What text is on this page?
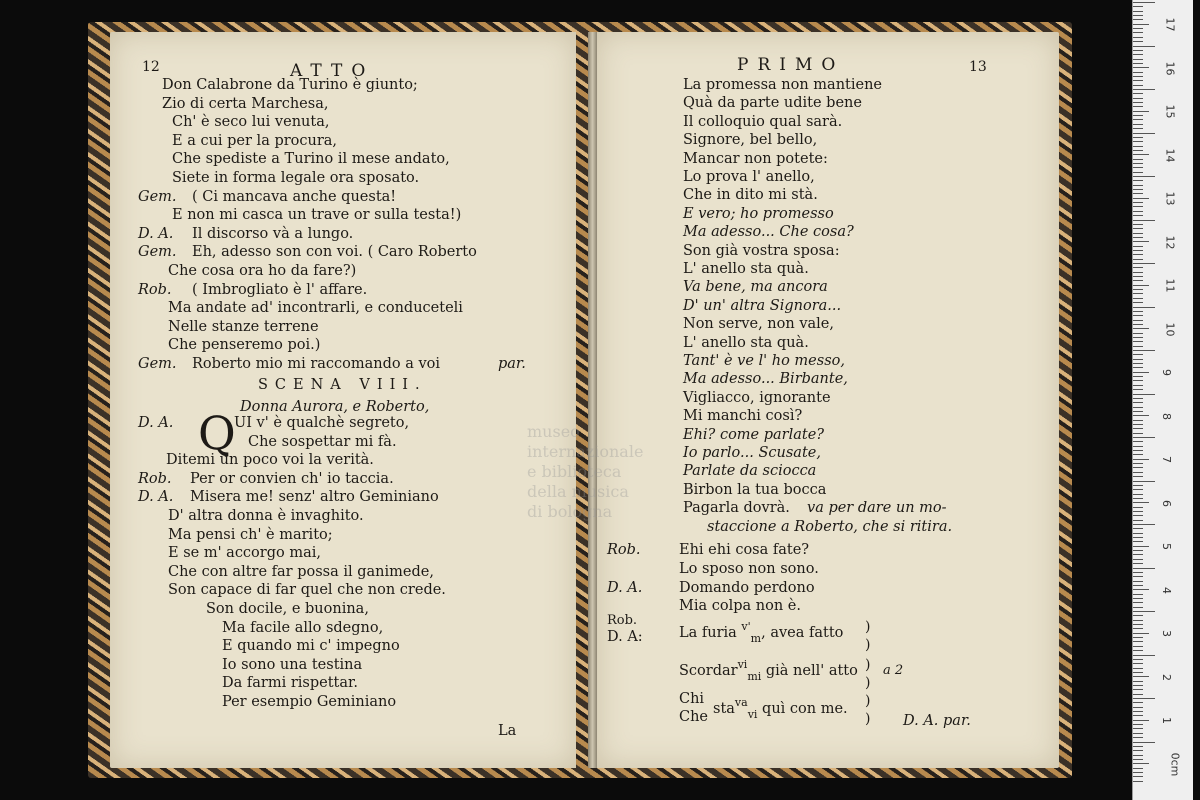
12	ATTO
Don Calabrone da Turino è giunto;
Zio di certa Marchesa,
Ch' è seco lui venuta,
E a cui per la procura,
Che spediste a Turino il mese andato,
Siete in forma legale ora sposato.
Gem. ( Ci mancava anche questa!
E non mi casca un trave or sulla testa!)
D. A. Il discorso và a lungo.
Gem. Eh, adesso son con voi. ( Caro Roberto
Che cosa ora ho da fare?)
Rob. ( Imbrogliato è l' affare.
Ma andate ad' incontrarli, e conduceteli
Nelle stanze terrene
Che penseremo poi.)
Gem. Roberto mio mi raccomando a voi	par.
SCENA VIII.
Donna Aurora, e Roberto,
Q
D. A.	UI v' è qualchè segreto,
Che sospettar mi fà.
Ditemi un poco voi la verità.
Rob. Per or convien ch' io taccia.
D. A. Misera me! senz' altro Geminiano
D' altra donna è invaghito.
Ma pensi ch' è marito;
E se m' accorgo mai,
Che con altre far possa il ganimede,
Son capace di far quel che non crede.
Son docile, e buonina,
Ma facile allo sdegno,
E quando mi c' impegno
Io sono una testina
Da farmi rispettar.
Per esempio Geminiano
La
PRIMO	13
La promessa non mantiene
Quà da parte udite bene
Il colloquio qual sarà.
Signore, bel bello,
Mancar non potete:
Lo prova l' anello,
Che in dito mi stà.
E vero; ho promesso
Ma adesso... Che cosa?
Son già vostra sposa:
L' anello sta quà.
Va bene, ma ancora
D' un' altra Signora...
Non serve, non vale,
L' anello sta quà.
Tant' è ve l' ho messo,
Ma adesso... Birbante,
Vigliacco, ignorante
Mi manchi così?
Ehi? come parlate?
Io parlo... Scusate,
Parlate da sciocca
Birbon la tua bocca
Pagarla dovrà. va per dare un mo-
staccione a Roberto, che si ritira.
Rob.	Ehi ehi cosa fate?
Lo sposo non sono.
D. A.	Domando perdono
Mia colpa non è.
Rob.
D. A:	La furia $^{v'}_m$, avea fatto )
)
Scordar$^{vi}_{mi}$ già nell' atto )
)
a 2
Chi
Che sta$^{va}_{vi}$ quì con me. )
) D. A. par.
museo internazionale e biblioteca della musica di bologna
17
16
15
14
13
12
11
10
9
8
7
6
5
4
3
2
1
0cm
